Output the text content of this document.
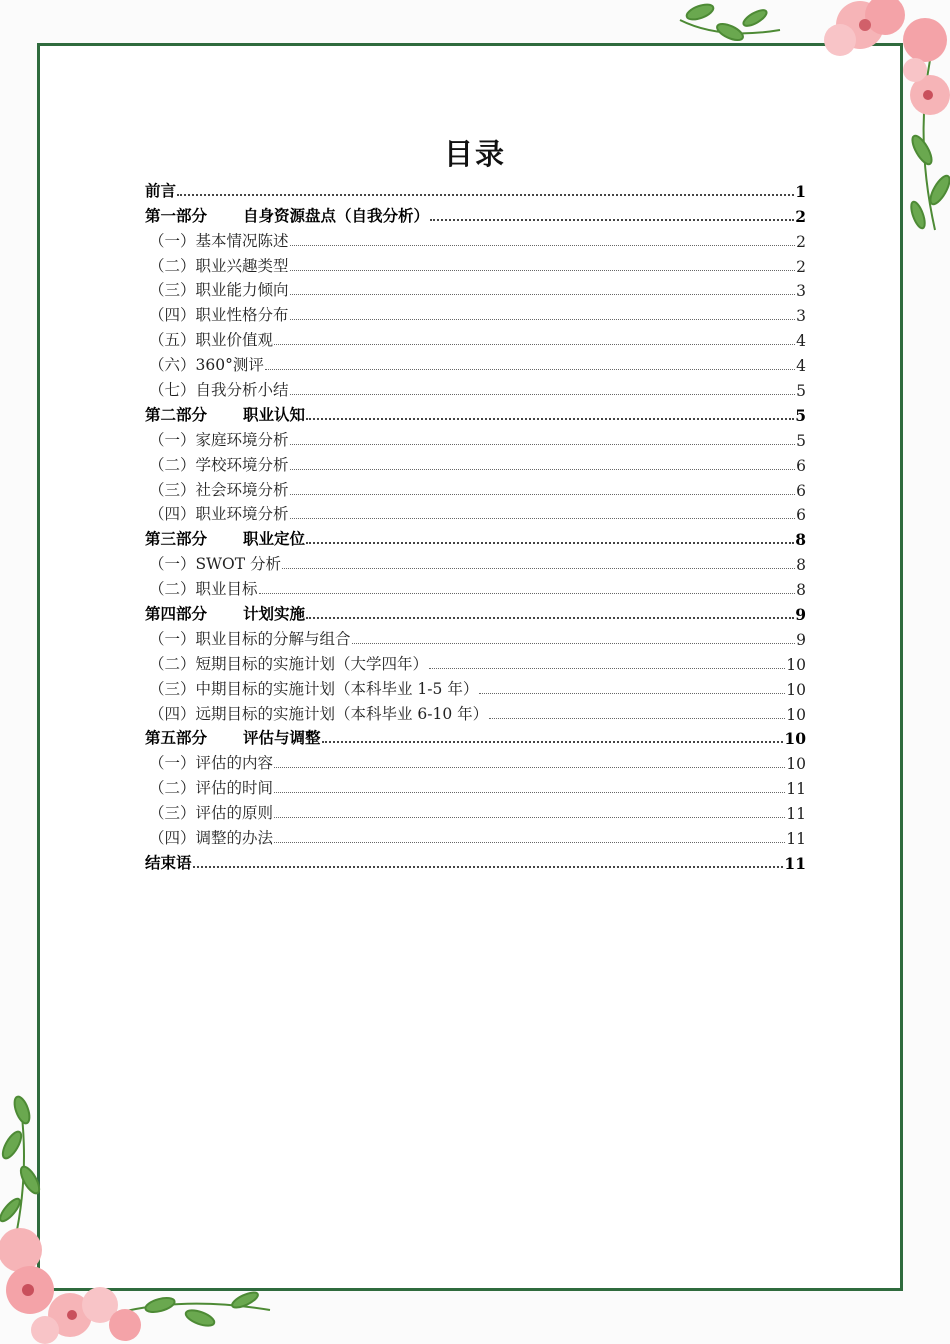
目录
前言	1
第一部分	自身资源盘点（自我分析）	2
（一）基本情况陈述	2
（二）职业兴趣类型	2
（三）职业能力倾向	3
（四）职业性格分布	3
（五）职业价值观	4
（六）360°测评	4
（七）自我分析小结	5
第二部分	职业认知	5
（一）家庭环境分析	5
（二）学校环境分析	6
（三）社会环境分析	6
（四）职业环境分析	6
第三部分	职业定位	8
（一）SWOT 分析	8
（二）职业目标	8
第四部分	计划实施	9
（一）职业目标的分解与组合	9
（二）短期目标的实施计划（大学四年）	10
（三）中期目标的实施计划（本科毕业 1-5 年）	10
（四）远期目标的实施计划（本科毕业 6-10 年）	10
第五部分	评估与调整	10
（一）评估的内容	10
（二）评估的时间	11
（三）评估的原则	11
（四）调整的办法	11
结束语	11
